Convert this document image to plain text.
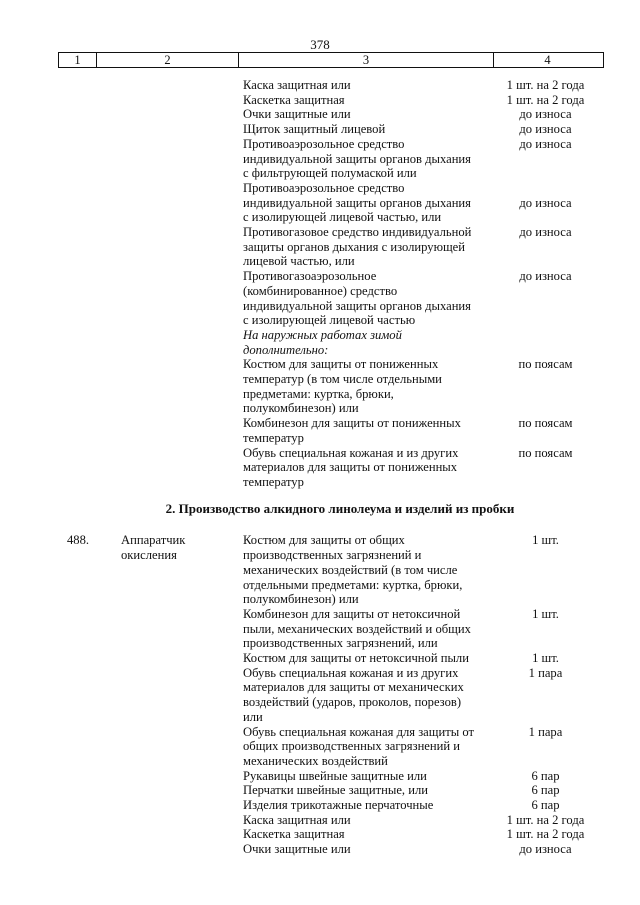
378
1	2	3	4
Каска защитная или	1 шт. на 2 года
Каскетка защитная	1 шт. на 2 года
Очки защитные или	до износа
Щиток защитный лицевой	до износа
Противоаэрозольное средство	до износа
индивидуальной защиты органов дыхания
с фильтрующей полумаской или
Противоаэрозольное средство
индивидуальной защиты органов дыхания	до износа
с изолирующей лицевой частью, или
Противогазовое средство индивидуальной	до износа
защиты органов дыхания с изолирующей
лицевой частью, или
Противогазоаэрозольное	до износа
(комбинированное) средство
индивидуальной защиты органов дыхания
с изолирующей лицевой частью
На наружных работах зимой
дополнительно:
Костюм для защиты от пониженных	по поясам
температур (в том числе отдельными
предметами: куртка, брюки,
полукомбинезон) или
Комбинезон для защиты от пониженных	по поясам
температур
Обувь специальная кожаная и из других	по поясам
материалов для защиты от пониженных
температур
2. Производство алкидного линолеума и изделий из пробки
488.	Аппаратчик	Костюм для защиты от общих	1 шт.
окисления	производственных загрязнений и
механических воздействий (в том числе
отдельными предметами: куртка, брюки,
полукомбинезон) или
Комбинезон для защиты от нетоксичной	1 шт.
пыли, механических воздействий и общих
производственных загрязнений, или
Костюм для защиты от нетоксичной пыли	1 шт.
Обувь специальная кожаная и из других	1 пара
материалов для защиты от механических
воздействий (ударов, проколов, порезов)
или
Обувь специальная кожаная для защиты от	1 пара
общих производственных загрязнений и
механических воздействий
Рукавицы швейные защитные или	6 пар
Перчатки швейные защитные, или	6 пар
Изделия трикотажные перчаточные	6 пар
Каска защитная или	1 шт. на 2 года
Каскетка защитная	1 шт. на 2 года
Очки защитные или	до износа
